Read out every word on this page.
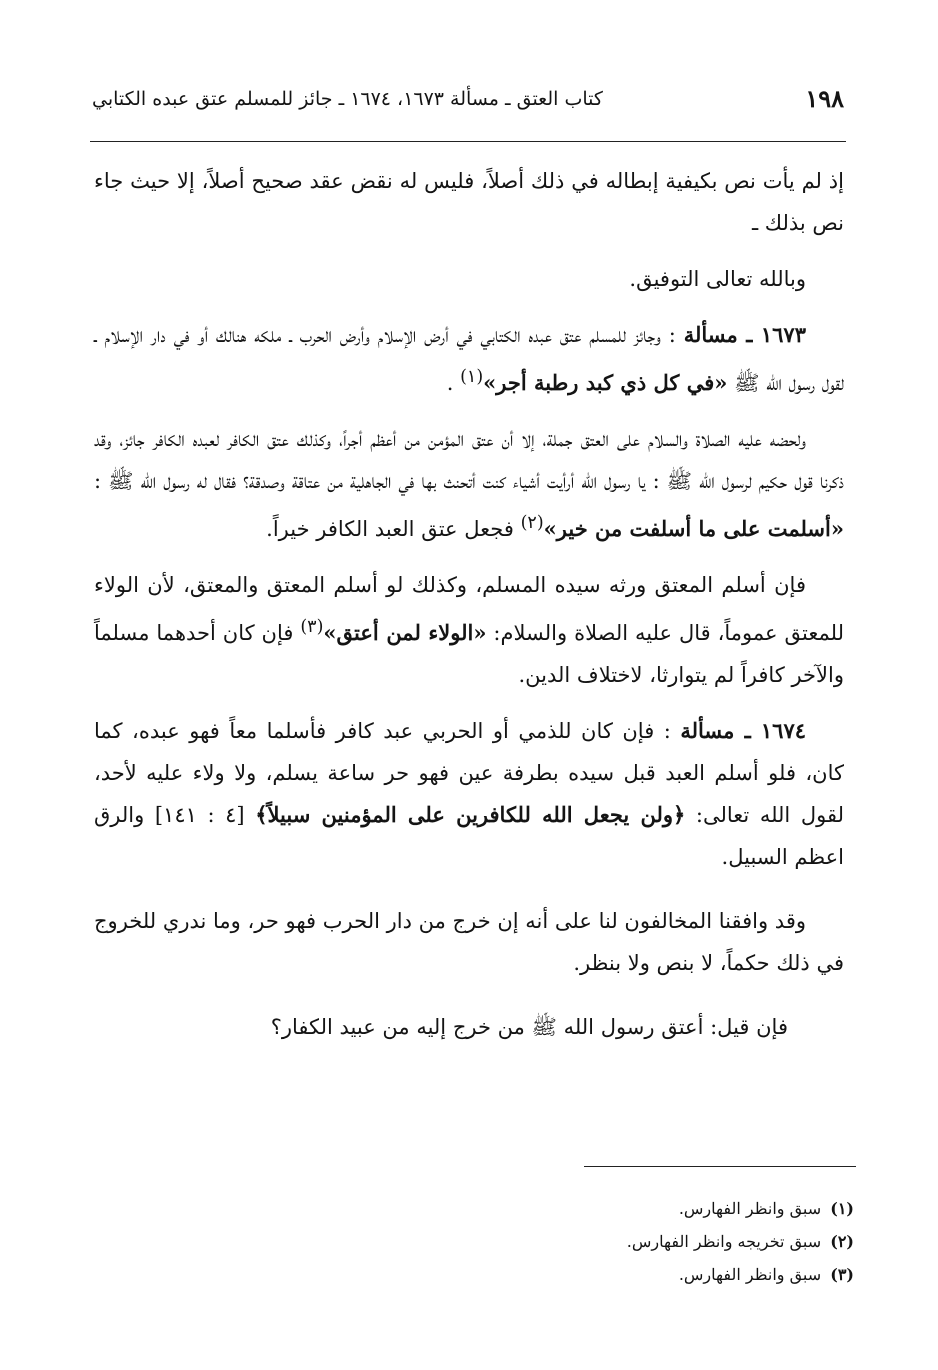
١٩٨
كتاب العتق ـ مسألة ١٦٧٣، ١٦٧٤ ـ جائز للمسلم عتق عبده الكتابي

إذ لم يأت نص بكيفية إبطاله في ذلك أصلاً، فليس له نقض عقد صحيح أصلاً، إلا حيث جاء نص بذلك ـ

وبالله تعالى التوفيق.

١٦٧٣ ـ مسألة : وجائز للمسلم عتق عبده الكتابي في أرض الإسلام وأرض الحرب ـ ملكه هنالك أو في دار الإسلام ـ لقول رسول الله ﷺ «في كل ذي كبد رطبة أجر»$^{(١)}$ .

ولحضه عليه الصلاة والسلام على العتق جملة، إلا أن عتق المؤمن من أعظم أجراً، وكذلك عتق الكافر لعبده الكافر جائز، وقد ذكرنا قول حكيم لرسول الله ﷺ : يا رسول الله أرأيت أشياء كنت أتحنث بها في الجاهلية من عتاقة وصدقة؟ فقال له رسول الله ﷺ : «أسلمت على ما أسلفت من خير»$^{(٢)}$ فجعل عتق العبد الكافر خيراً.

فإن أسلم المعتق ورثه سيده المسلم، وكذلك لو أسلم المعتق والمعتق، لأن الولاء للمعتق عموماً، قال عليه الصلاة والسلام: «الولاء لمن أعتق»$^{(٣)}$ فإن كان أحدهما مسلماً والآخر كافراً لم يتوارثا، لاختلاف الدين.

١٦٧٤ ـ مسألة : فإن كان للذمي أو الحربي عبد كافر فأسلما معاً فهو عبده، كما كان، فلو أسلم العبد قبل سيده بطرفة عين فهو حر ساعة يسلم، ولا ولاء عليه لأحد، لقول الله تعالى: ﴿ولن يجعل الله للكافرين على المؤمنين سبيلاً﴾ [٤ : ١٤١] والرق اعظم السبيل.

وقد وافقنا المخالفون لنا على أنه إن خرج من دار الحرب فهو حر، وما ندري للخروج في ذلك حكماً، لا بنص ولا بنظر.

فإن قيل: أعتق رسول الله ﷺ من خرج إليه من عبيد الكفار؟

(١) سبق وانظر الفهارس.
(٢) سبق تخريجه وانظر الفهارس.
(٣) سبق وانظر الفهارس.
